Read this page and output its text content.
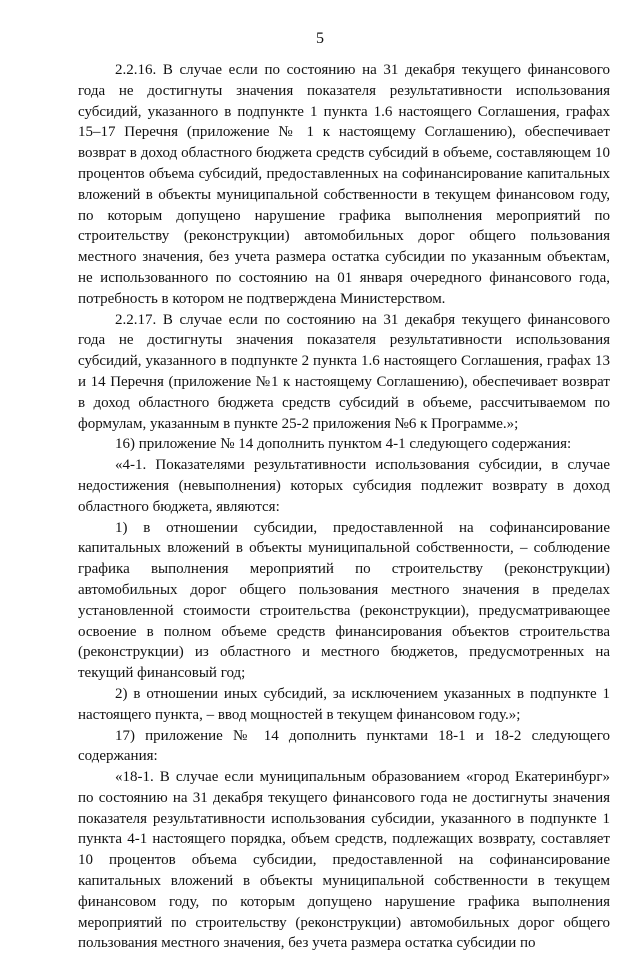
5

2.2.16. В случае если по состоянию на 31 декабря текущего финансового года не достигнуты значения показателя результативности использования субсидий, указанного в подпункте 1 пункта 1.6 настоящего Соглашения, графах 15–17 Перечня (приложение № 1 к настоящему Соглашению), обеспечивает возврат в доход областного бюджета средств субсидий в объеме, составляющем 10 процентов объема субсидий, предоставленных на софинансирование капитальных вложений в объекты муниципальной собственности в текущем финансовом году, по которым допущено нарушение графика выполнения мероприятий по строительству (реконструкции) автомобильных дорог общего пользования местного значения, без учета размера остатка субсидии по указанным объектам, не использованного по состоянию на 01 января очередного финансового года, потребность в котором не подтверждена Министерством.

2.2.17. В случае если по состоянию на 31 декабря текущего финансового года не достигнуты значения показателя результативности использования субсидий, указанного в подпункте 2 пункта 1.6 настоящего Соглашения, графах 13 и 14 Перечня (приложение №1 к настоящему Соглашению), обеспечивает возврат в доход областного бюджета средств субсидий в объеме, рассчитываемом по формулам, указанным в пункте 25-2 приложения №6 к Программе.»;

16) приложение № 14 дополнить пунктом 4-1 следующего содержания:

«4-1. Показателями результативности использования субсидии, в случае недостижения (невыполнения) которых субсидия подлежит возврату в доход областного бюджета, являются:

1) в отношении субсидии, предоставленной на софинансирование капитальных вложений в объекты муниципальной собственности, – соблюдение графика выполнения мероприятий по строительству (реконструкции) автомобильных дорог общего пользования местного значения в пределах установленной стоимости строительства (реконструкции), предусматривающее освоение в полном объеме средств финансирования объектов строительства (реконструкции) из областного и местного бюджетов, предусмотренных на текущий финансовый год;

2) в отношении иных субсидий, за исключением указанных в подпункте 1 настоящего пункта, – ввод мощностей в текущем финансовом году.»;

17) приложение № 14 дополнить пунктами 18-1 и 18-2 следующего содержания:

«18-1. В случае если муниципальным образованием «город Екатеринбург» по состоянию на 31 декабря текущего финансового года не достигнуты значения показателя результативности использования субсидии, указанного в подпункте 1 пункта 4-1 настоящего порядка, объем средств, подлежащих возврату, составляет 10 процентов объема субсидии, предоставленной на софинансирование капитальных вложений в объекты муниципальной собственности в текущем финансовом году, по которым допущено нарушение графика выполнения мероприятий по строительству (реконструкции) автомобильных дорог общего пользования местного значения, без учета размера остатка субсидии по
